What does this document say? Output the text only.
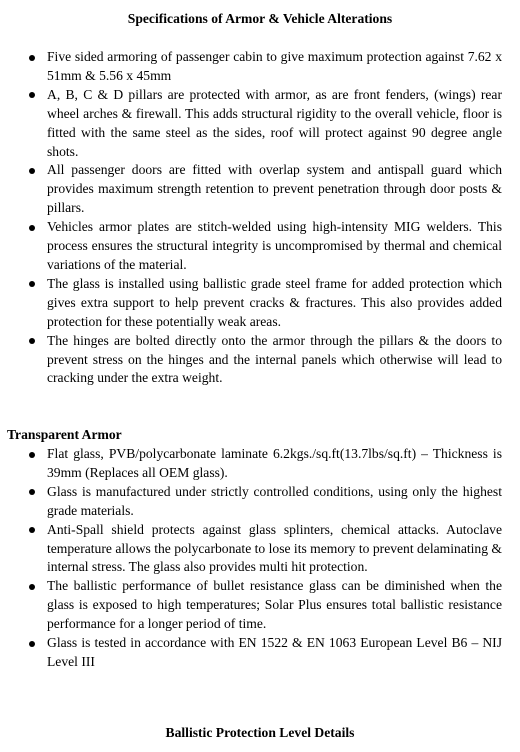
Specifications of Armor & Vehicle Alterations
Five sided armoring of passenger cabin to give maximum protection against 7.62 x 51mm & 5.56 x 45mm
A, B, C & D pillars are protected with armor, as are front fenders, (wings) rear wheel arches & firewall. This adds structural rigidity to the overall vehicle, floor is fitted with the same steel as the sides, roof will protect against 90 degree angle shots.
All passenger doors are fitted with overlap system and antispall guard which provides maximum strength retention to prevent penetration through door posts & pillars.
Vehicles armor plates are stitch-welded using high-intensity MIG welders. This process ensures the structural integrity is uncompromised by thermal and chemical variations of the material.
The glass is installed using ballistic grade steel frame for added protection which gives extra support to help prevent cracks & fractures. This also provides added protection for these potentially weak areas.
The hinges are bolted directly onto the armor through the pillars & the doors to prevent stress on the hinges and the internal panels which otherwise will lead to cracking under the extra weight.
Transparent Armor
Flat glass, PVB/polycarbonate laminate 6.2kgs./sq.ft(13.7lbs/sq.ft) – Thickness is 39mm (Replaces all OEM glass).
Glass is manufactured under strictly controlled conditions, using only the highest grade materials.
Anti-Spall shield protects against glass splinters, chemical attacks. Autoclave temperature allows the polycarbonate to lose its memory to prevent delaminating & internal stress. The glass also provides multi hit protection.
The ballistic performance of bullet resistance glass can be diminished when the glass is exposed to high temperatures; Solar Plus ensures total ballistic resistance performance for a longer period of time.
Glass is tested in accordance with EN 1522 & EN 1063 European Level B6 – NIJ Level III
Ballistic Protection Level Details
